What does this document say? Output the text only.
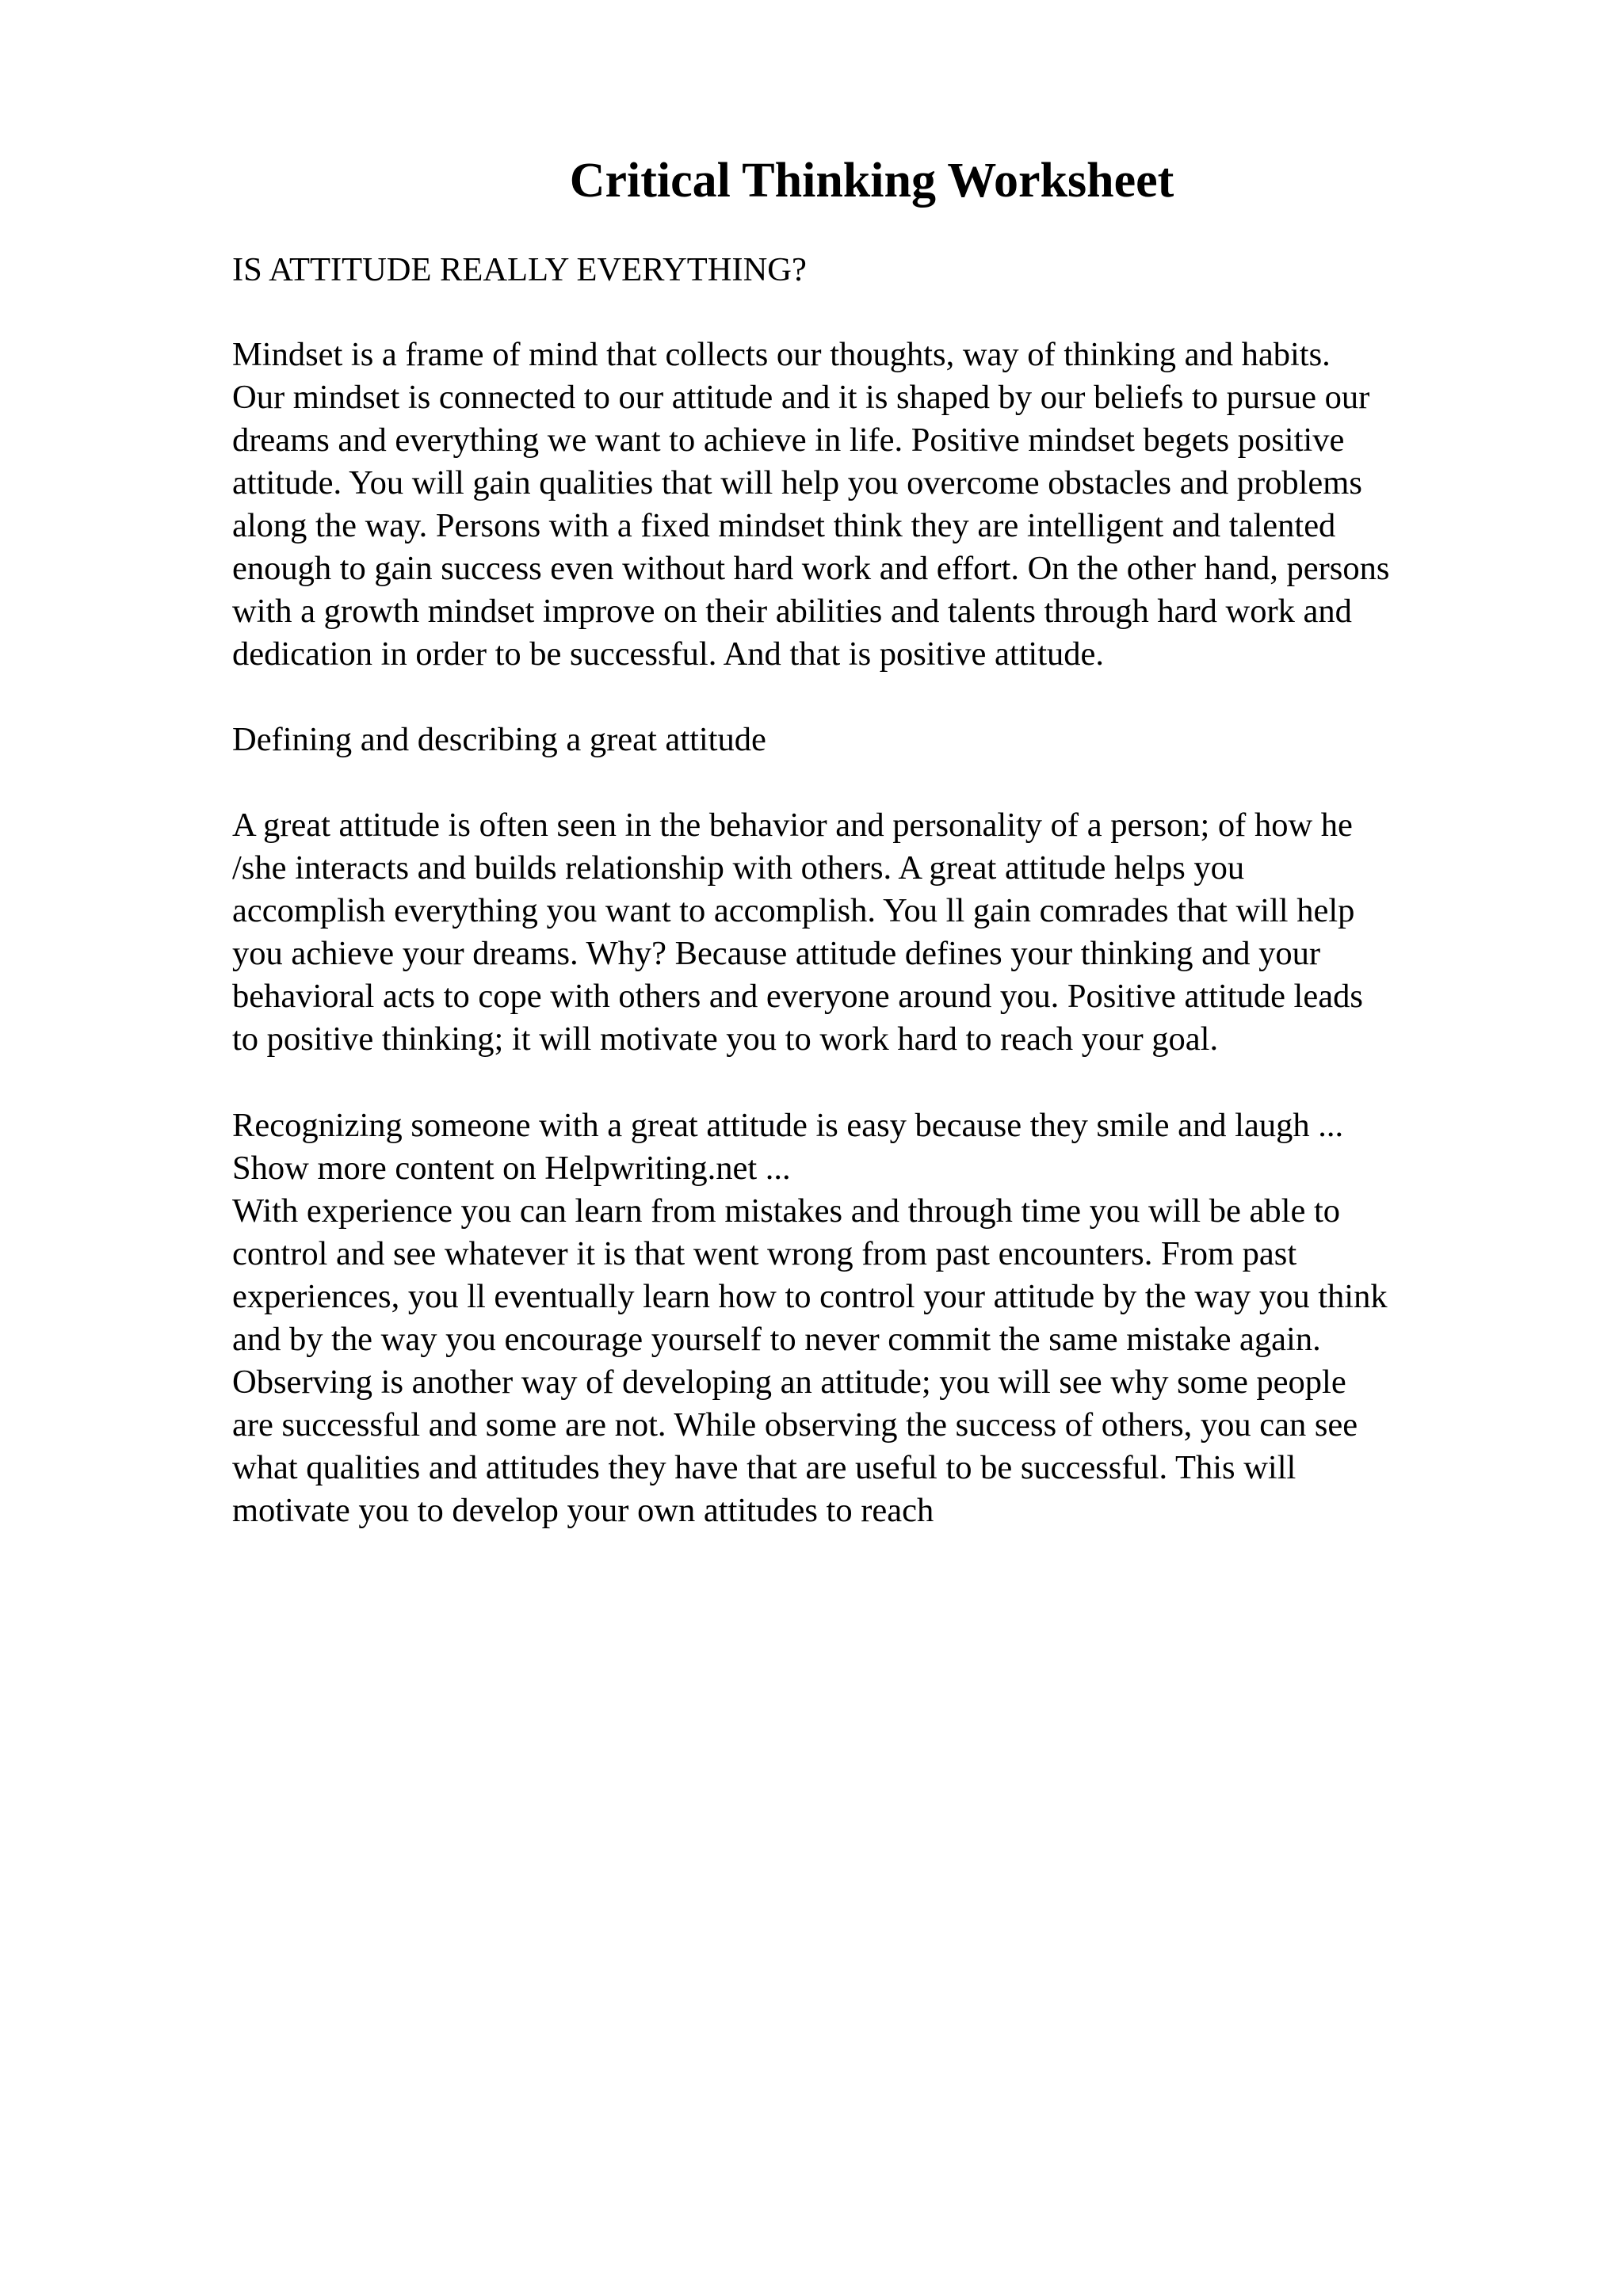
Critical Thinking Worksheet
IS ATTITUDE REALLY EVERYTHING?
Mindset is a frame of mind that collects our thoughts, way of thinking and habits.
Our mindset is connected to our attitude and it is shaped by our beliefs to pursue our
dreams and everything we want to achieve in life. Positive mindset begets positive
attitude. You will gain qualities that will help you overcome obstacles and problems
along the way. Persons with a fixed mindset think they are intelligent and talented
enough to gain success even without hard work and effort. On the other hand, persons
with a growth mindset improve on their abilities and talents through hard work and
dedication in order to be successful. And that is positive attitude.
Defining and describing a great attitude
A great attitude is often seen in the behavior and personality of a person; of how he
/she interacts and builds relationship with others. A great attitude helps you
accomplish everything you want to accomplish. You ll gain comrades that will help
you achieve your dreams. Why? Because attitude defines your thinking and your
behavioral acts to cope with others and everyone around you. Positive attitude leads
to positive thinking; it will motivate you to work hard to reach your goal.
Recognizing someone with a great attitude is easy because they smile and laugh ...
Show more content on Helpwriting.net ...
With experience you can learn from mistakes and through time you will be able to
control and see whatever it is that went wrong from past encounters. From past
experiences, you ll eventually learn how to control your attitude by the way you think
and by the way you encourage yourself to never commit the same mistake again.
Observing is another way of developing an attitude; you will see why some people
are successful and some are not. While observing the success of others, you can see
what qualities and attitudes they have that are useful to be successful. This will
motivate you to develop your own attitudes to reach
